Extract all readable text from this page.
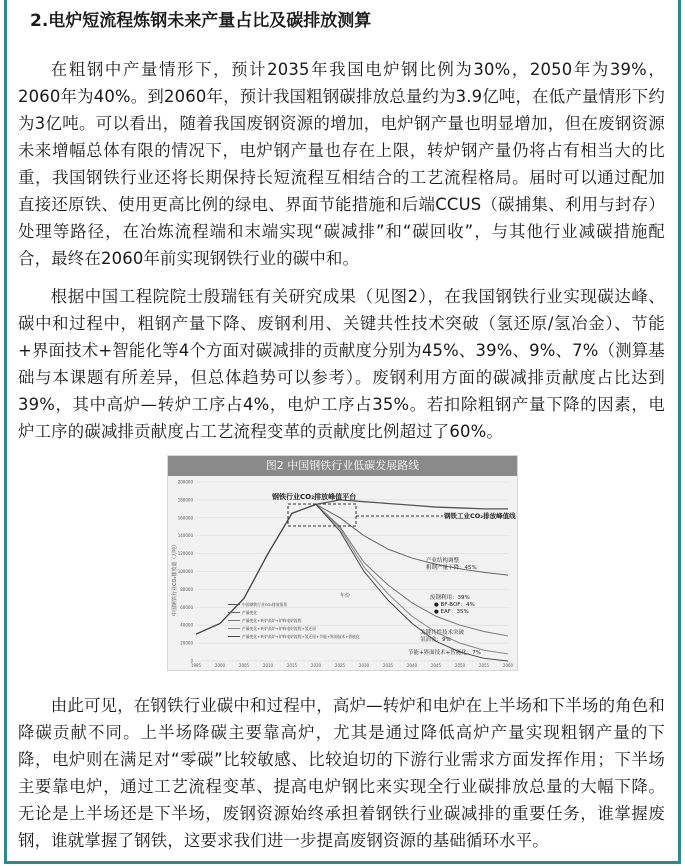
2.电炉短流程炼钢未来产量占比及碳排放测算

在粗钢中产量情形下，预计2035年我国电炉钢比例为30%，2050年为39%，2060年为40%。到2060年，预计我国粗钢碳排放总量约为3.9亿吨，在低产量情形下约为3亿吨。可以看出，随着我国废钢资源的增加，电炉钢产量也明显增加，但在废钢资源未来增幅总体有限的情况下，电炉钢产量也存在上限，转炉钢产量仍将占有相当大的比重，我国钢铁行业还将长期保持长短流程互相结合的工艺流程格局。届时可以通过配加直接还原铁、使用更高比例的绿电、界面节能措施和后端CCUS（碳捕集、利用与封存）处理等路径，在冶炼流程端和末端实现“碳减排”和“碳回收”，与其他行业减碳措施配合，最终在2060年前实现钢铁行业的碳中和。

根据中国工程院院士殷瑞钰有关研究成果（见图2），在我国钢铁行业实现碳达峰、碳中和过程中，粗钢产量下降、废钢利用、关键共性技术突破（氢还原/氢冶金）、节能+界面技术+智能化等4个方面对碳减排的贡献度分别为45%、39%、9%、7%（测算基础与本课题有所差异，但总体趋势可以参考）。废钢利用方面的碳减排贡献度占比达到39%，其中高炉—转炉工序占4%，电炉工序占35%。若扣除粗钢产量下降的因素，电炉工序的碳减排贡献度占工艺流程变革的贡献度比例超过了60%。

图2 中国钢铁行业低碳发展路线
0
20000
40000
60000
80000
100000
120000
140000
160000
180000
200000
1995	2000	2005	2010	2015	2020	2025	2030	2035	2040	2045	2050	2055	2060
钢铁行业CO₂排放峰值平台
钢铁工业CO₂排放峰值线
中国钢铁行业CO₂排放量（万吨）	年份
产业结构调整
粗钢产量下降：45%
废钢利用：39%
● BF-BOF：4%
● EAF：35%
关键共性技术突破
氢冶金：9%
节能+界面技术+智能化：7%
中国钢铁行业CO₂排放情景
产量变化
产量变化+转炉高炉+炉料电炉流程
产量变化+转炉高炉+炉料电炉流程+氢还原
产量变化+转炉高炉+炉料电炉流程+氢还原+节能+界面技术+智能化

由此可见，在钢铁行业碳中和过程中，高炉—转炉和电炉在上半场和下半场的角色和降碳贡献不同。上半场降碳主要靠高炉，尤其是通过降低高炉产量实现粗钢产量的下降，电炉则在满足对“零碳”比较敏感、比较迫切的下游行业需求方面发挥作用；下半场主要靠电炉，通过工艺流程变革、提高电炉钢比来实现全行业碳排放总量的大幅下降。无论是上半场还是下半场，废钢资源始终承担着钢铁行业碳减排的重要任务，谁掌握废钢，谁就掌握了钢铁，这要求我们进一步提高废钢资源的基础循环水平。
